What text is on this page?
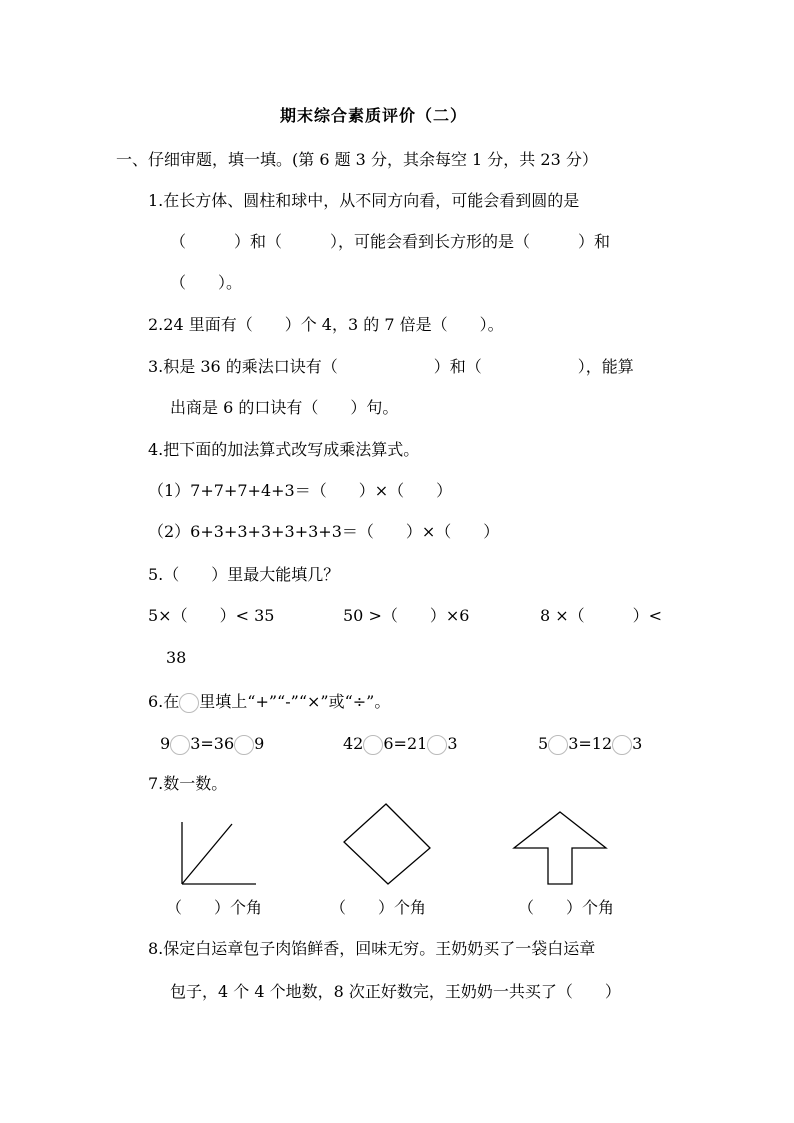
期末综合素质评价（二）
一、仔细审题，填一填。(第 6 题 3 分，其余每空 1 分，共 23 分）
1.在长方体、圆柱和球中，从不同方向看，可能会看到圆的是
（　　　）和（　　　），可能会看到长方形的是（　　　）和
（　　）。
2.24 里面有（　　）个 4，3 的 7 倍是（　　）。
3.积是 36 的乘法口诀有（　　　　　　）和（　　　　　　），能算
出商是 6 的口诀有（　　）句。
4.把下面的加法算式改写成乘法算式。
（1）7+7+7+4+3＝（　　）×（　　）
（2）6+3+3+3+3+3+3＝（　　）×（　　）
5.（　　）里最大能填几？
5×（　　）< 35	50 >（　　）×6	8 ×（　　　）<
38
6.在 里填上“+”“-”“×”或“÷”。
9 3=36 9	42 6=21 3	5 3=12 3
7.数一数。
（　　）个角	（　　）个角	（　　）个角
8.保定白运章包子肉馅鲜香，回味无穷。王奶奶买了一袋白运章
包子，4 个 4 个地数，8 次正好数完，王奶奶一共买了（　　）
